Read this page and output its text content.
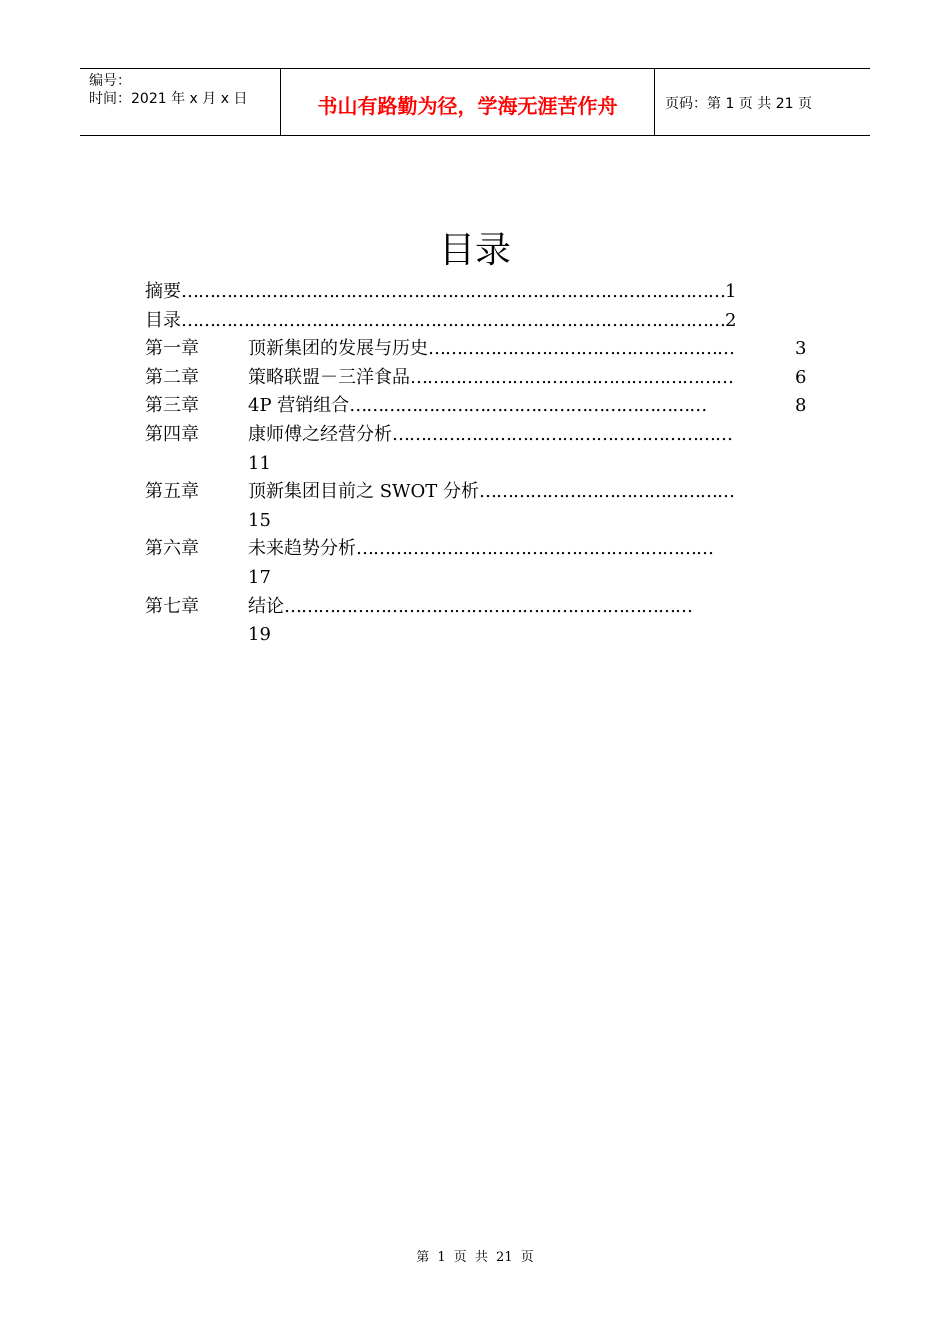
编号：
时间：2021 年 x 月 x 日	书山有路勤为径，学海无涯苦作舟	页码：第 1 页 共 21 页
目录
摘要……………………………………………………………………………………1
目录……………………………………………………………………………………2
第一章	顶新集团的发展与历史………………………………………………	3
第二章	策略联盟－三洋食品…………………………………………………	6
第三章	4P 营销组合………………………………………………………	8
第四章	康师傅之经营分析……………………………………………………
11
第五章	顶新集团目前之 SWOT 分析………………………………………
15
第六章	未来趋势分析………………………………………………………
17
第七章	结论………………………………………………………………
19
第 1 页 共 21 页
